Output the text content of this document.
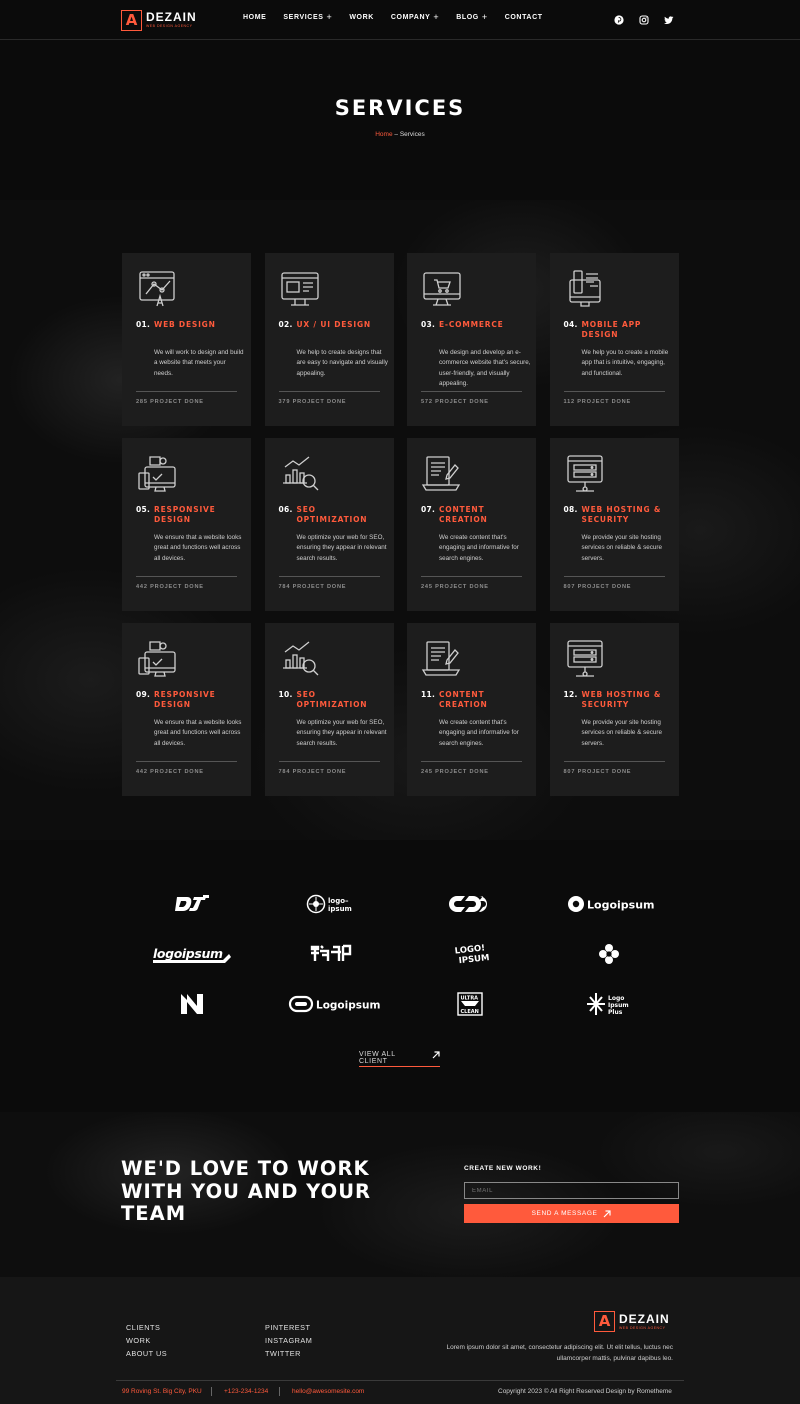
A DEZAIN
WEB DESIGN AGENCY
HOME SERVICES + WORK COMPANY + BLOG + CONTACT
SERVICES
Home – Services
01. WEB DESIGN

We will work to design and build a website that meets your needs.

285 PROJECT DONE
02. UX / UI DESIGN

We help to create designs that are easy to navigate and visually appealing.

379 PROJECT DONE
03. E-COMMERCE

We design and develop an e-commerce website that's secure, user-friendly, and visually appealing.

572 PROJECT DONE
04. MOBILE APP DESIGN

We help you to create a mobile app that is intuitive, engaging, and functional.

112 PROJECT DONE
05. RESPONSIVE DESIGN

We ensure that a website looks great and functions well across all devices.

442 PROJECT DONE
06. SEO OPTIMIZATION

We optimize your web for SEO, ensuring they appear in relevant search results.

784 PROJECT DONE
07. CONTENT CREATION

We create content that's engaging and informative for search engines.

245 PROJECT DONE
08. WEB HOSTING & SECURITY

We provide your site hosting services on reliable & secure servers.

807 PROJECT DONE
09. RESPONSIVE DESIGN

We ensure that a website looks great and functions well across all devices.

442 PROJECT DONE
10. SEO OPTIMIZATION

We optimize your web for SEO, ensuring they appear in relevant search results.

784 PROJECT DONE
11. CONTENT CREATION

We create content that's engaging and informative for search engines.

245 PROJECT DONE
12. WEB HOSTING & SECURITY

We provide your site hosting services on reliable & secure servers.

807 PROJECT DONE
logo–
ipsum	Logoipsum
logoipsum	LOGO!
IPSUM
Logoipsum
ULTRA
CLEAN
Logo
Ipsum
Plus
VIEW ALL CLIENT
WE'D LOVE TO WORK WITH YOU AND YOUR TEAM
CREATE NEW WORK!
EMAIL
SEND A MESSAGE
CLIENTS
WORK
ABOUT US
PINTEREST
INSTAGRAM
TWITTER
A DEZAIN
WEB DESIGN AGENCY

Lorem ipsum dolor sit amet, consectetur adipiscing elit. Ut elit tellus, luctus nec ullamcorper mattis, pulvinar dapibus leo.

99 Roving St. Big City, PKU	+123-234-1234	hello@awesomesite.com	Copyright 2023 © All Right Reserved Design by Rometheme
